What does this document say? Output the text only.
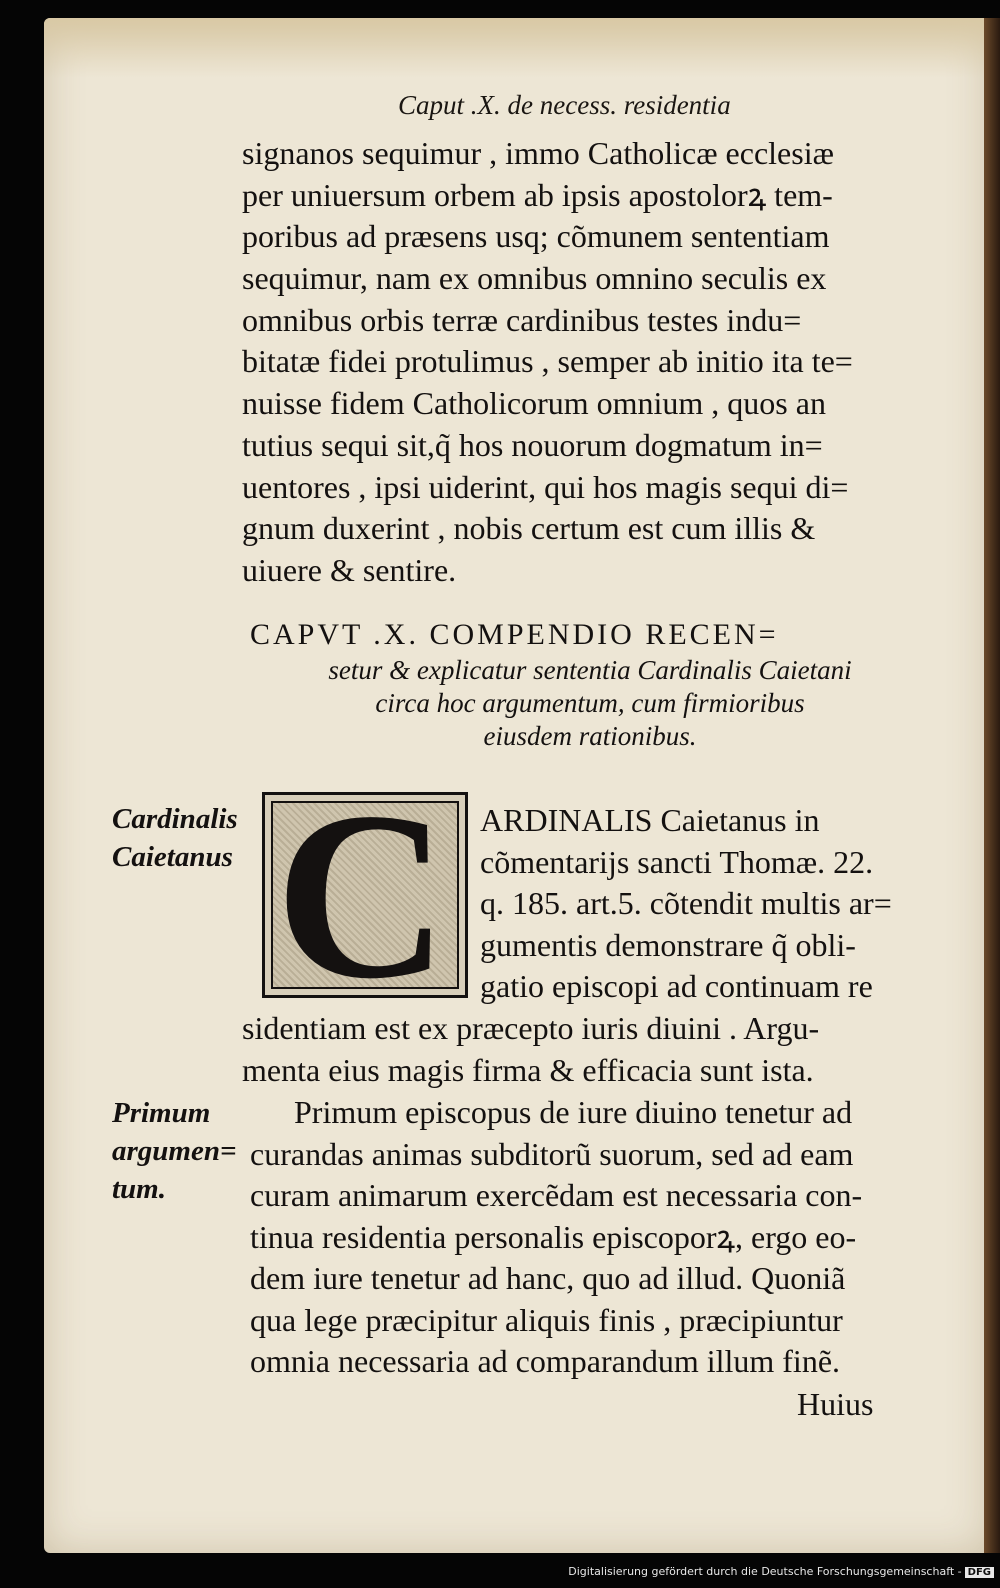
Caput .X. de necess. residentia
signanos sequimur , immo Catholicæ ecclesiæ
per uniuersum orbem ab ipsis apostolorꝝ tem-
poribus ad præsens usq; cõmunem sententiam
sequimur, nam ex omnibus omnino seculis ex
omnibus orbis terræ cardinibus testes indu=
bitatæ fidei protulimus , semper ab initio ita te=
nuisse fidem Catholicorum omnium , quos an
tutius sequi sit,q̃ hos nouorum dogmatum in=
uentores , ipsi uiderint, qui hos magis sequi di=
gnum duxerint , nobis certum est cum illis &
uiuere & sentire.
CAPVT .X. COMPENDIO RECEN=
setur & explicatur sententia Cardinalis Caietani
circa hoc argumentum, cum firmioribus
eiusdem rationibus.
Cardinalis
Caietanus C ARDINALIS Caietanus in
cõmentarijs sancti Thomæ. 22.
q. 185. art.5. cõtendit multis ar=
gumentis demonstrare q̃ obli-
gatio episcopi ad continuam re
sidentiam est ex præcepto iuris diuini . Argu-
menta eius magis firma & efficacia sunt ista.
Primum
argumen=
tum.
Primum episcopus de iure diuino tenetur ad
curandas animas subditorũ suorum, sed ad eam
curam animarum exercẽdam est necessaria con-
tinua residentia personalis episcoporꝝ, ergo eo-
dem iure tenetur ad hanc, quo ad illud. Quoniã
qua lege præcipitur aliquis finis , præcipiuntur
omnia necessaria ad comparandum illum finẽ.
Huius
Digitalisierung gefördert durch die Deutsche Forschungsgemeinschaft - DFG
